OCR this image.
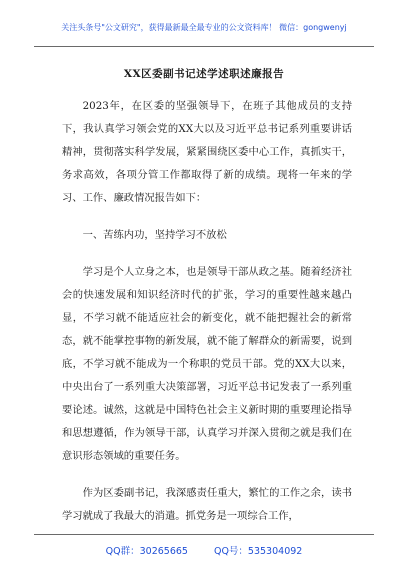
关注头条号"公文研究"，获得最新最全最专业的公文资料库！ 微信：gongwenyj
XX区委副书记述学述职述廉报告

2023年，在区委的坚强领导下，在班子其他成员的支持下，我认真学习领会党的XX大以及习近平总书记系列重要讲话精神，贯彻落实科学发展，紧紧围绕区委中心工作，真抓实干，务求高效，各项分管工作都取得了新的成绩。现将一年来的学习、工作、廉政情况报告如下：

一、苦练内功，坚持学习不放松

学习是个人立身之本，也是领导干部从政之基。随着经济社会的快速发展和知识经济时代的扩张，学习的重要性越来越凸显，不学习就不能适应社会的新变化，就不能把握社会的新常态，就不能掌控事物的新发展，就不能了解群众的新需要，说到底，不学习就不能成为一个称职的党员干部。党的XX大以来，中央出台了一系列重大决策部署，习近平总书记发表了一系列重要论述。诚然，这就是中国特色社会主义新时期的重要理论指导和思想遵循，作为领导干部，认真学习并深入贯彻之就是我们在意识形态领域的重要任务。

作为区委副书记，我深感责任重大，繁忙的工作之余，读书学习就成了我最大的消遣。抓党务是一项综合工作，

QQ群：30265665	QQ号：535304092
